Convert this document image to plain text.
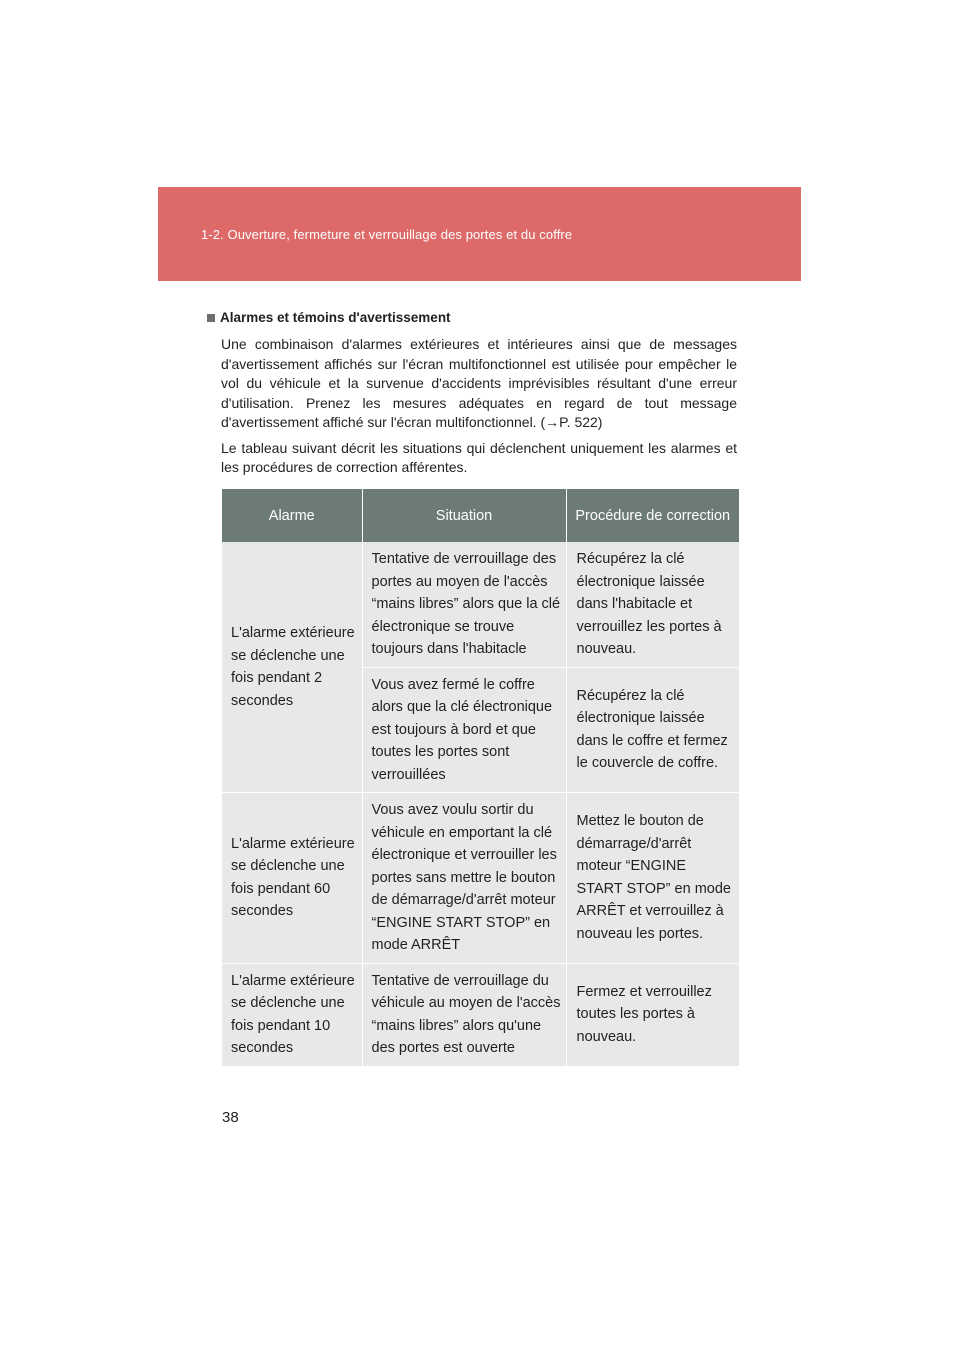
1-2. Ouverture, fermeture et verrouillage des portes et du coffre
Alarmes et témoins d'avertissement

Une combinaison d'alarmes extérieures et intérieures ainsi que de messages d'avertissement affichés sur l'écran multifonctionnel est utilisée pour empêcher le vol du véhicule et la survenue d'accidents imprévisibles résultant d'une erreur d'utilisation. Prenez les mesures adéquates en regard de tout message d'avertissement affiché sur l'écran multifonctionnel. (→P. 522)

Le tableau suivant décrit les situations qui déclenchent uniquement les alarmes et les procédures de correction afférentes.

Alarme	Situation	Procédure de correction
L'alarme extérieure se déclenche une fois pendant 2 secondes	Tentative de verrouillage des portes au moyen de l'accès “mains libres” alors que la clé électronique se trouve toujours dans l'habitacle	Récupérez la clé électronique laissée dans l'habitacle et verrouillez les portes à nouveau.
	Vous avez fermé le coffre alors que la clé électronique est toujours à bord et que toutes les portes sont verrouillées	Récupérez la clé électronique laissée dans le coffre et fermez le couvercle de coffre.
L'alarme extérieure se déclenche une fois pendant 60 secondes	Vous avez voulu sortir du véhicule en emportant la clé électronique et verrouiller les portes sans mettre le bouton de démarrage/d'arrêt moteur “ENGINE START STOP” en mode ARRÊT	Mettez le bouton de démarrage/d'arrêt moteur “ENGINE START STOP” en mode ARRÊT et verrouillez à nouveau les portes.
L'alarme extérieure se déclenche une fois pendant 10 secondes	Tentative de verrouillage du véhicule au moyen de l'accès “mains libres” alors qu'une des portes est ouverte	Fermez et verrouillez toutes les portes à nouveau.
38
